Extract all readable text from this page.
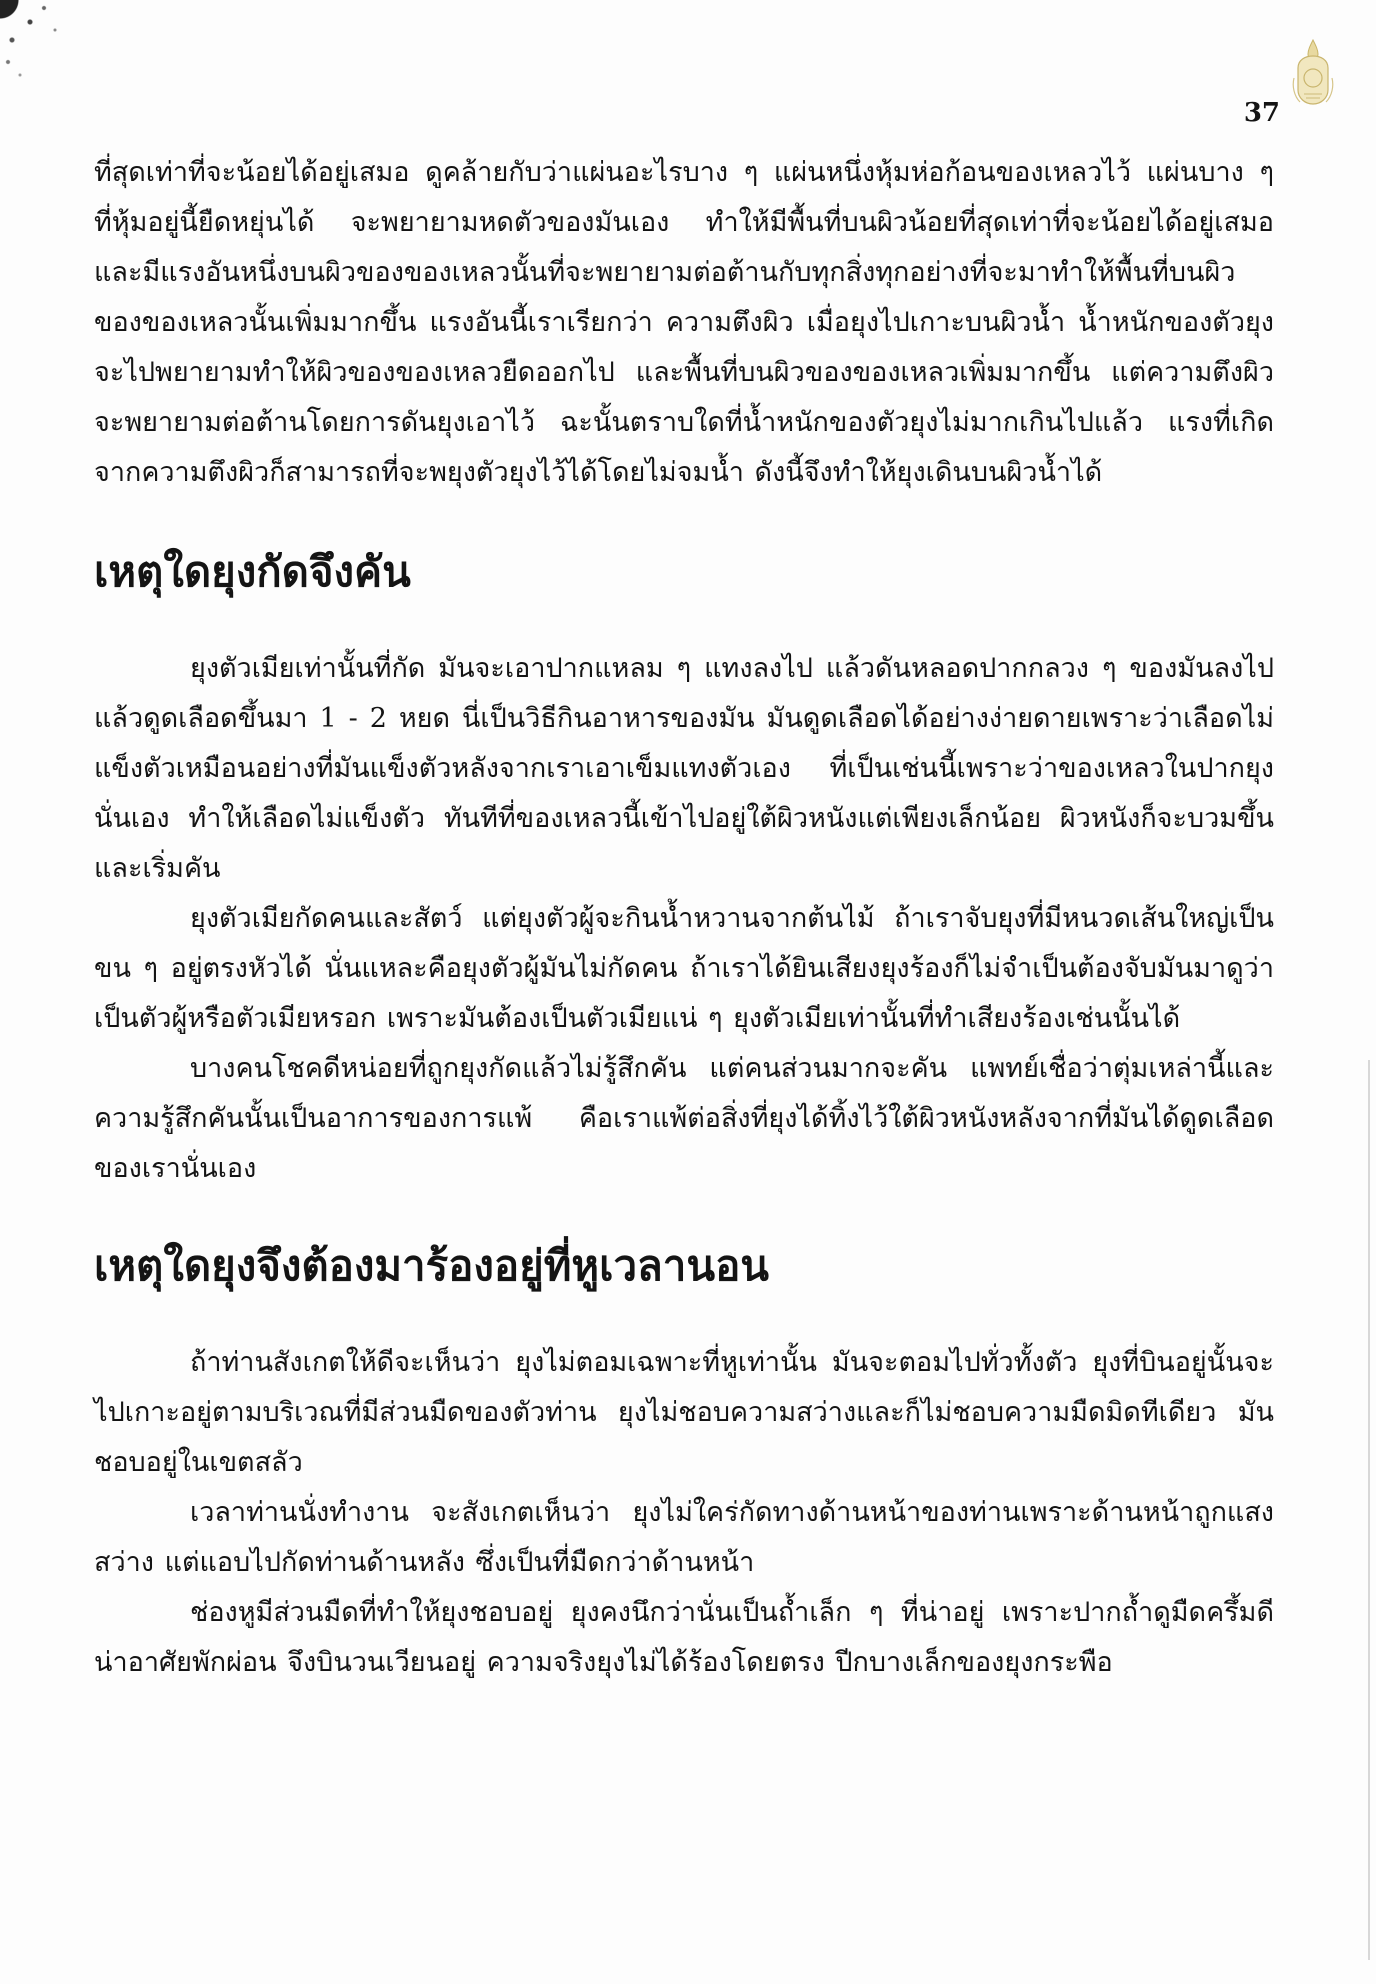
37

ที่สุดเท่าที่จะน้อยได้อยู่เสมอ ดูคล้ายกับว่าแผ่นอะไรบาง ๆ แผ่นหนึ่งหุ้มห่อก้อนของเหลวไว้ แผ่นบาง ๆ ที่หุ้มอยู่นี้ยืดหยุ่นได้ จะพยายามหดตัวของมันเอง ทำให้มีพื้นที่บนผิวน้อยที่สุดเท่าที่จะน้อยได้อยู่เสมอ และมีแรงอันหนึ่งบนผิวของของเหลวนั้นที่จะพยายามต่อต้านกับทุกสิ่งทุกอย่างที่จะมาทำให้พื้นที่บนผิวของของเหลวนั้นเพิ่มมากขึ้น แรงอันนี้เราเรียกว่า ความตึงผิว เมื่อยุงไปเกาะบนผิวน้ำ น้ำหนักของตัวยุงจะไปพยายามทำให้ผิวของของเหลวยืดออกไป และพื้นที่บนผิวของของเหลวเพิ่มมากขึ้น แต่ความตึงผิวจะพยายามต่อต้านโดยการดันยุงเอาไว้ ฉะนั้นตราบใดที่น้ำหนักของตัวยุงไม่มากเกินไปแล้ว แรงที่เกิดจากความตึงผิวก็สามารถที่จะพยุงตัวยุงไว้ได้โดยไม่จมน้ำ ดังนี้จึงทำให้ยุงเดินบนผิวน้ำได้

เหตุใดยุงกัดจึงคัน

ยุงตัวเมียเท่านั้นที่กัด มันจะเอาปากแหลม ๆ แทงลงไป แล้วดันหลอดปากกลวง ๆ ของมันลงไป แล้วดูดเลือดขึ้นมา 1 - 2 หยด นี่เป็นวิธีกินอาหารของมัน มันดูดเลือดได้อย่างง่ายดายเพราะว่าเลือดไม่แข็งตัวเหมือนอย่างที่มันแข็งตัวหลังจากเราเอาเข็มแทงตัวเอง ที่เป็นเช่นนี้เพราะว่าของเหลวในปากยุงนั่นเอง ทำให้เลือดไม่แข็งตัว ทันทีที่ของเหลวนี้เข้าไปอยู่ใต้ผิวหนังแต่เพียงเล็กน้อย ผิวหนังก็จะบวมขึ้นและเริ่มคัน

ยุงตัวเมียกัดคนและสัตว์ แต่ยุงตัวผู้จะกินน้ำหวานจากต้นไม้ ถ้าเราจับยุงที่มีหนวดเส้นใหญ่เป็นขน ๆ อยู่ตรงหัวได้ นั่นแหละคือยุงตัวผู้มันไม่กัดคน ถ้าเราได้ยินเสียงยุงร้องก็ไม่จำเป็นต้องจับมันมาดูว่าเป็นตัวผู้หรือตัวเมียหรอก เพราะมันต้องเป็นตัวเมียแน่ ๆ ยุงตัวเมียเท่านั้นที่ทำเสียงร้องเช่นนั้นได้

บางคนโชคดีหน่อยที่ถูกยุงกัดแล้วไม่รู้สึกคัน แต่คนส่วนมากจะคัน แพทย์เชื่อว่าตุ่มเหล่านี้และความรู้สึกคันนั้นเป็นอาการของการแพ้ คือเราแพ้ต่อสิ่งที่ยุงได้ทิ้งไว้ใต้ผิวหนังหลังจากที่มันได้ดูดเลือดของเรานั่นเอง

เหตุใดยุงจึงต้องมาร้องอยู่ที่หูเวลานอน

ถ้าท่านสังเกตให้ดีจะเห็นว่า ยุงไม่ตอมเฉพาะที่หูเท่านั้น มันจะตอมไปทั่วทั้งตัว ยุงที่บินอยู่นั้นจะไปเกาะอยู่ตามบริเวณที่มีส่วนมืดของตัวท่าน ยุงไม่ชอบความสว่างและก็ไม่ชอบความมืดมิดทีเดียว มันชอบอยู่ในเขตสลัว

เวลาท่านนั่งทำงาน จะสังเกตเห็นว่า ยุงไม่ใคร่กัดทางด้านหน้าของท่านเพราะด้านหน้าถูกแสงสว่าง แต่แอบไปกัดท่านด้านหลัง ซึ่งเป็นที่มืดกว่าด้านหน้า

ช่องหูมีส่วนมืดที่ทำให้ยุงชอบอยู่ ยุงคงนึกว่านั่นเป็นถ้ำเล็ก ๆ ที่น่าอยู่ เพราะปากถ้ำดูมืดครึ้มดี น่าอาศัยพักผ่อน จึงบินวนเวียนอยู่ ความจริงยุงไม่ได้ร้องโดยตรง ปีกบางเล็กของยุงกระพือ
